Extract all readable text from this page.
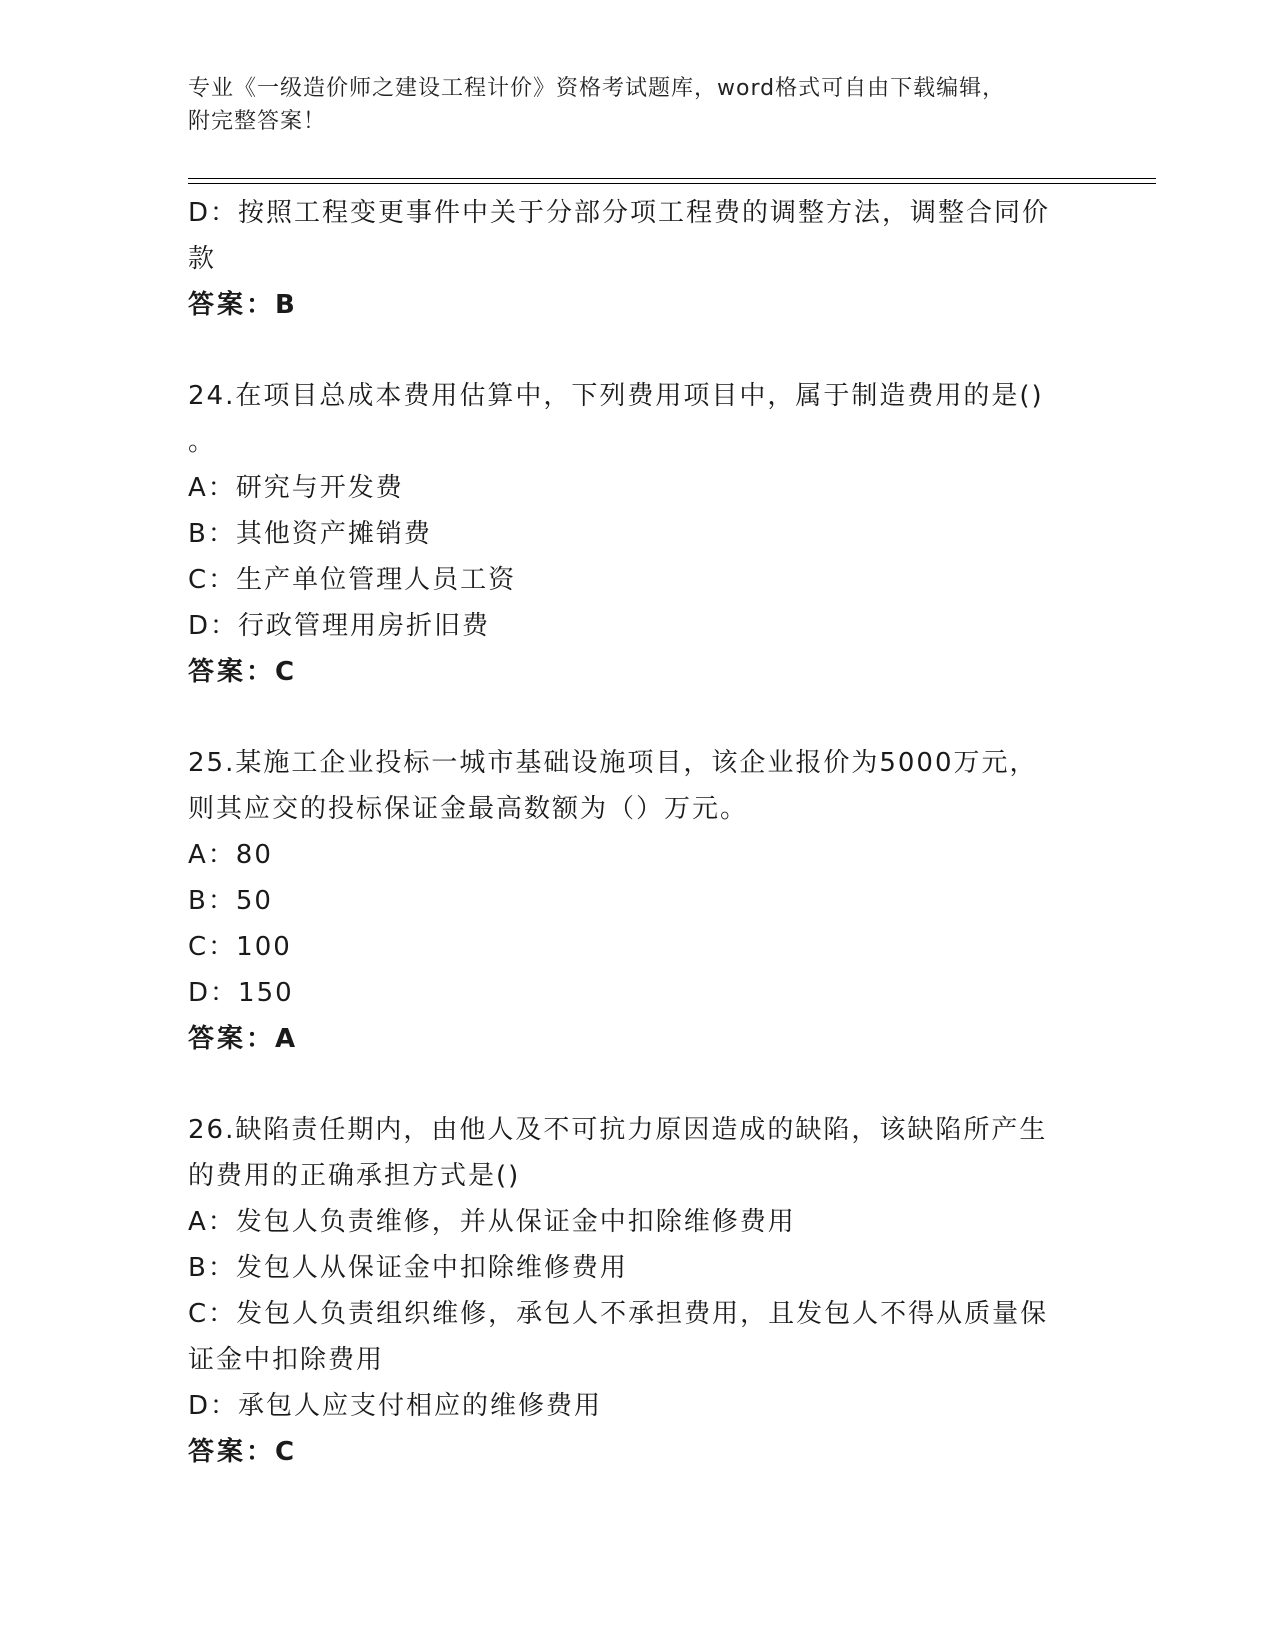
专业《一级造价师之建设工程计价》资格考试题库，word格式可自由下载编辑，
附完整答案！
D：按照工程变更事件中关于分部分项工程费的调整方法，调整合同价
款
答案：B
24.在项目总成本费用估算中，下列费用项目中，属于制造费用的是()
。
A：研究与开发费
B：其他资产摊销费
C：生产单位管理人员工资
D：行政管理用房折旧费
答案：C
25.某施工企业投标一城市基础设施项目，该企业报价为5000万元，
则其应交的投标保证金最高数额为（）万元。
A：80
B：50
C：100
D：150
答案：A
26.缺陷责任期内，由他人及不可抗力原因造成的缺陷，该缺陷所产生
的费用的正确承担方式是()
A：发包人负责维修，并从保证金中扣除维修费用
B：发包人从保证金中扣除维修费用
C：发包人负责组织维修，承包人不承担费用，且发包人不得从质量保
证金中扣除费用
D：承包人应支付相应的维修费用
答案：C
